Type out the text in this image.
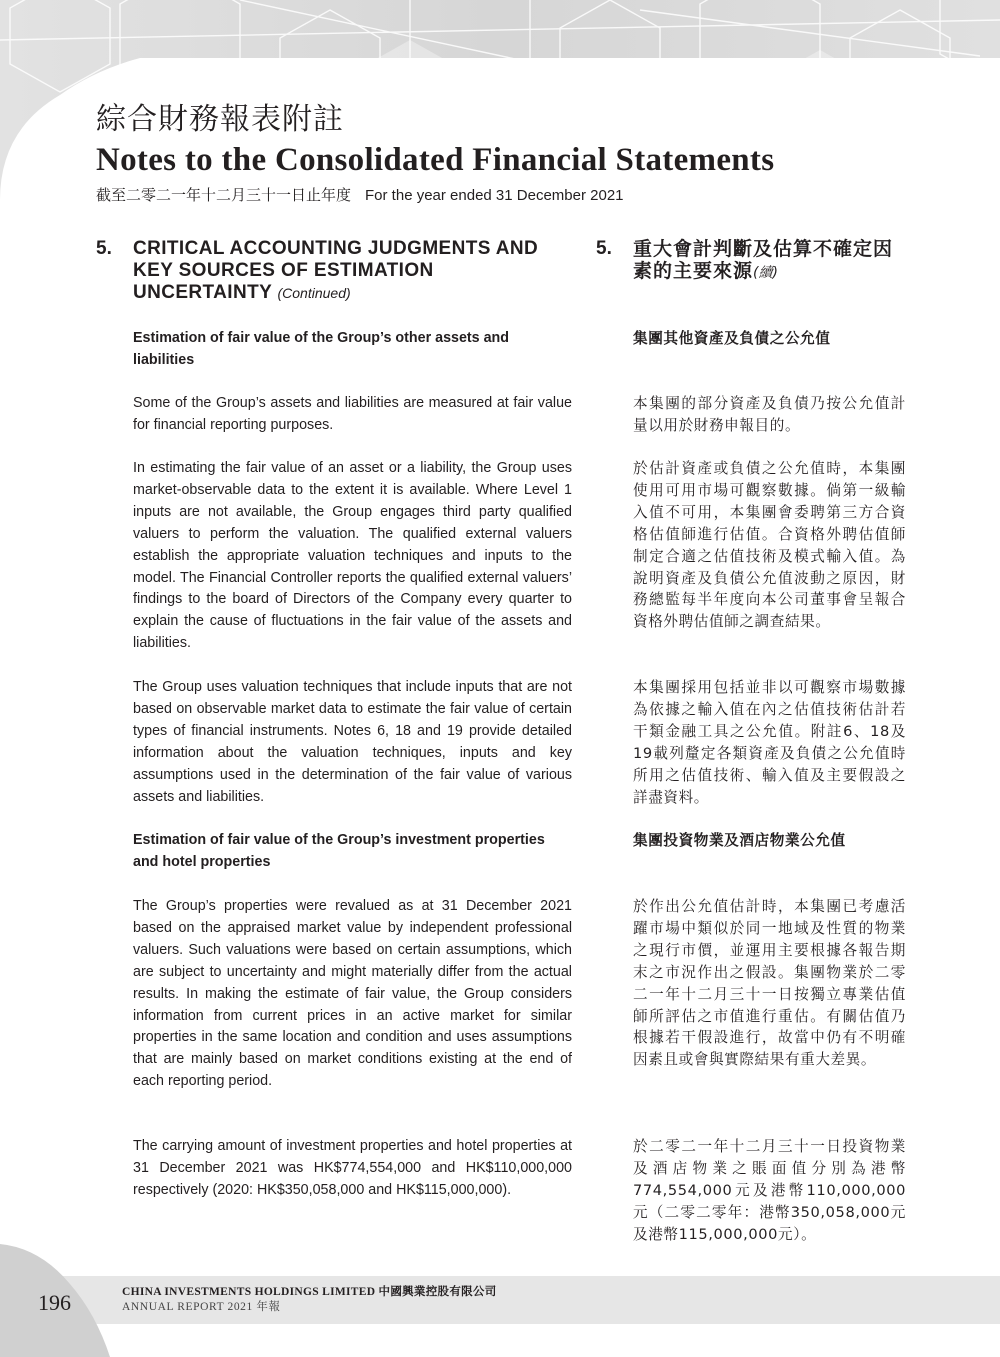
綜合財務報表附註
Notes to the Consolidated Financial Statements
截至二零二一年十二月三十一日止年度 For the year ended 31 December 2021
5.	CRITICAL ACCOUNTING JUDGMENTS AND KEY SOURCES OF ESTIMATION UNCERTAINTY (Continued)

Estimation of fair value of the Group’s other assets and liabilities

Some of the Group’s assets and liabilities are measured at fair value for financial reporting purposes.

In estimating the fair value of an asset or a liability, the Group uses market-observable data to the extent it is available. Where Level 1 inputs are not available, the Group engages third party qualified valuers to perform the valuation. The qualified external valuers establish the appropriate valuation techniques and inputs to the model. The Financial Controller reports the qualified external valuers’ findings to the board of Directors of the Company every quarter to explain the cause of fluctuations in the fair value of the assets and liabilities.

The Group uses valuation techniques that include inputs that are not based on observable market data to estimate the fair value of certain types of financial instruments. Notes 6, 18 and 19 provide detailed information about the valuation techniques, inputs and key assumptions used in the determination of the fair value of various assets and liabilities.

Estimation of fair value of the Group’s investment properties and hotel properties

The Group’s properties were revalued as at 31 December 2021 based on the appraised market value by independent professional valuers. Such valuations were based on certain assumptions, which are subject to uncertainty and might materially differ from the actual results. In making the estimate of fair value, the Group considers information from current prices in an active market for similar properties in the same location and condition and uses assumptions that are mainly based on market conditions existing at the end of each reporting period.

The carrying amount of investment properties and hotel properties at 31 December 2021 was HK$774,554,000 and HK$110,000,000 respectively (2020: HK$350,058,000 and HK$115,000,000).

5.	重大會計判斷及估算不確定因素的主要來源(續)

集團其他資產及負債之公允值

本集團的部分資產及負債乃按公允值計量以用於財務申報目的。

於估計資產或負債之公允值時，本集團使用可用市場可觀察數據。倘第一級輸入值不可用，本集團會委聘第三方合資格估值師進行估值。合資格外聘估值師制定合適之估值技術及模式輸入值。為說明資產及負債公允值波動之原因，財務總監每半年度向本公司董事會呈報合資格外聘估值師之調查結果。

本集團採用包括並非以可觀察市場數據為依據之輸入值在內之估值技術估計若干類金融工具之公允值。附註6、18及19載列釐定各類資產及負債之公允值時所用之估值技術、輸入值及主要假設之詳盡資料。

集團投資物業及酒店物業公允值

於作出公允值估計時，本集團已考慮活躍市場中類似於同一地域及性質的物業之現行市價，並運用主要根據各報告期末之市況作出之假設。集團物業於二零二一年十二月三十一日按獨立專業估值師所評估之市值進行重估。有關估值乃根據若干假設進行，故當中仍有不明確因素且或會與實際結果有重大差異。

於二零二一年十二月三十一日投資物業及酒店物業之賬面值分別為港幣774,554,000元及港幣110,000,000元（二零二零年：港幣350,058,000元及港幣115,000,000元）。

196	CHINA INVESTMENTS HOLDINGS LIMITED 中國興業控股有限公司
ANNUAL REPORT 2021 年報
